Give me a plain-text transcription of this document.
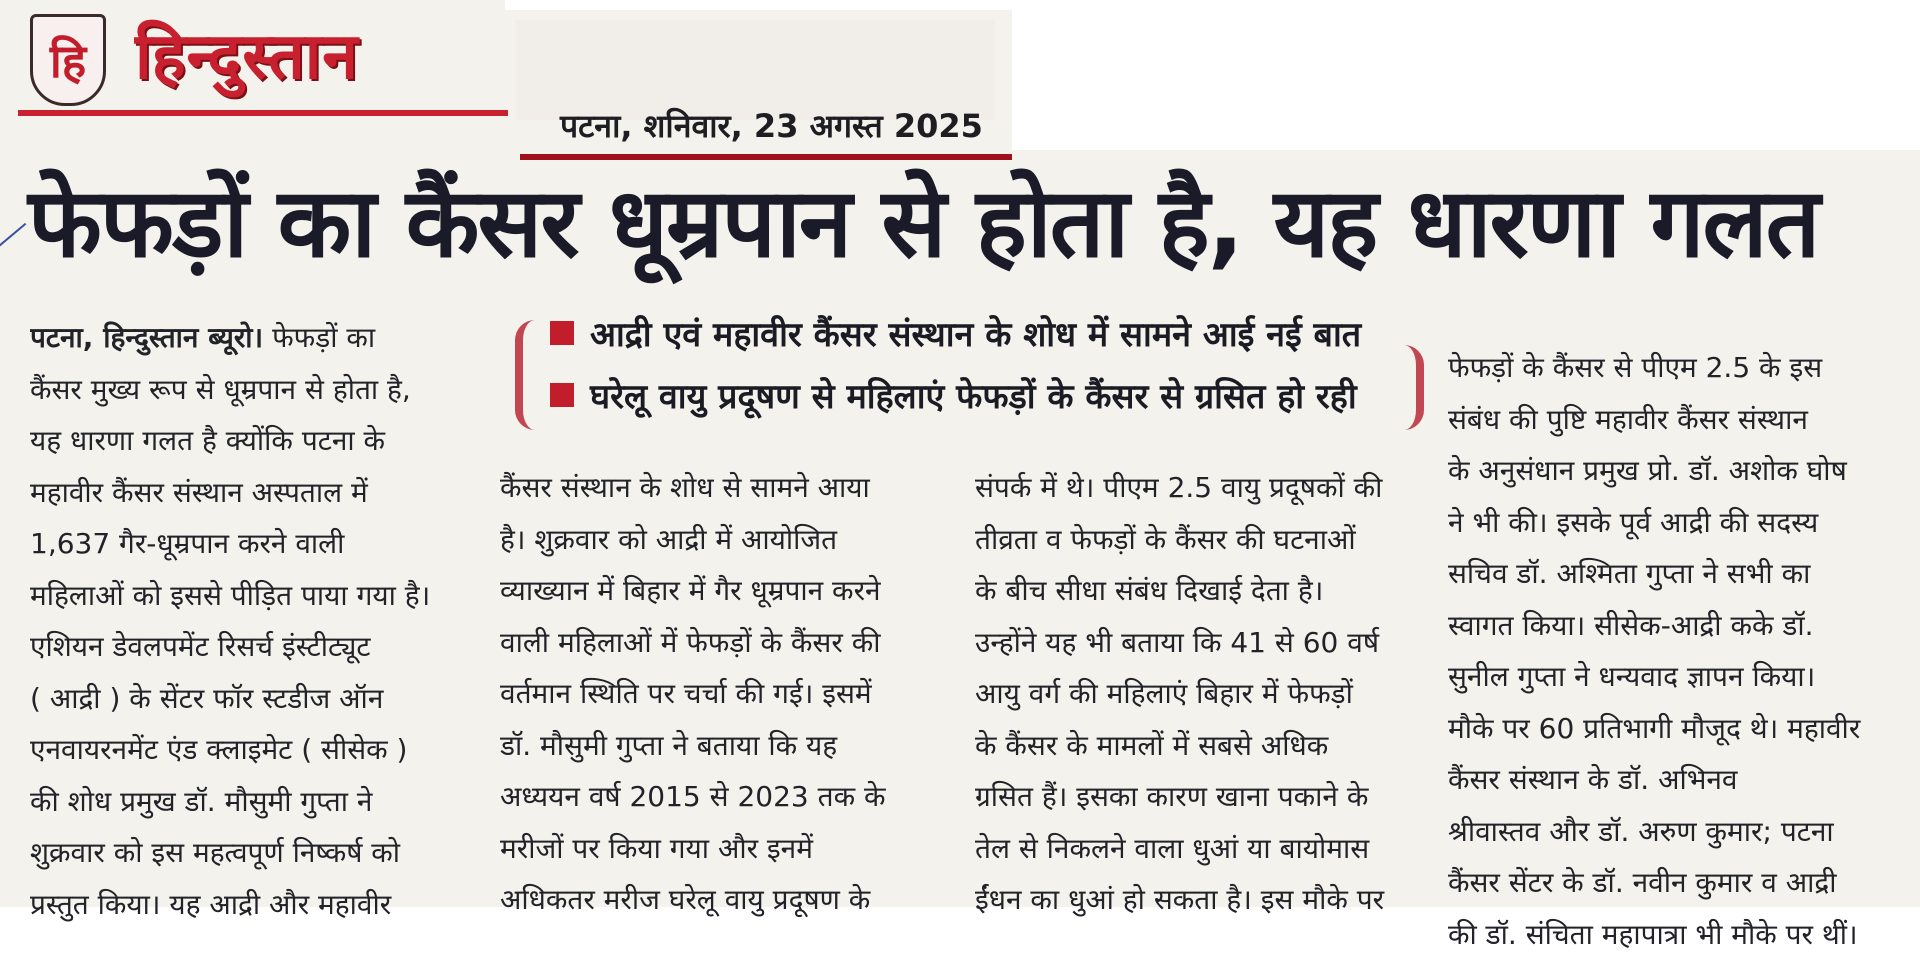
हि हिन्दुस्तान
पटना, शनिवार, 23 अगस्त 2025
फेफड़ों का कैंसर धूम्रपान से होता है, यह धारणा गलत
आद्री एवं महावीर कैंसर संस्थान के शोध में सामने आई नई बात
घरेलू वायु प्रदूषण से महिलाएं फेफड़ों के कैंसर से ग्रसित हो रही

पटना, हिन्दुस्तान ब्यूरो। फेफड़ों का

कैंसर मुख्य रूप से धूम्रपान से होता है,

यह धारणा गलत है क्योंकि पटना के

महावीर कैंसर संस्थान अस्पताल में

1,637 गैर-धूम्रपान करने वाली

महिलाओं को इससे पीड़ित पाया गया है।

एशियन डेवलपमेंट रिसर्च इंस्टीट्यूट

( आद्री ) के सेंटर फॉर स्टडीज ऑन

एनवायरनमेंट एंड क्लाइमेट ( सीसेक )

की शोध प्रमुख डॉ. मौसुमी गुप्ता ने

शुक्रवार को इस महत्वपूर्ण निष्कर्ष को

प्रस्तुत किया। यह आद्री और महावीर

कैंसर संस्थान के शोध से सामने आया

है। शुक्रवार को आद्री में आयोजित

व्याख्यान में बिहार में गैर धूम्रपान करने

वाली महिलाओं में फेफड़ों के कैंसर की

वर्तमान स्थिति पर चर्चा की गई। इसमें

डॉ. मौसुमी गुप्ता ने बताया कि यह

अध्ययन वर्ष 2015 से 2023 तक के

मरीजों पर किया गया और इनमें

अधिकतर मरीज घरेलू वायु प्रदूषण के

संपर्क में थे। पीएम 2.5 वायु प्रदूषकों की

तीव्रता व फेफड़ों के कैंसर की घटनाओं

के बीच सीधा संबंध दिखाई देता है।

उन्होंने यह भी बताया कि 41 से 60 वर्ष

आयु वर्ग की महिलाएं बिहार में फेफड़ों

के कैंसर के मामलों में सबसे अधिक

ग्रसित हैं। इसका कारण खाना पकाने के

तेल से निकलने वाला धुआं या बायोमास

ईंधन का धुआं हो सकता है। इस मौके पर

फेफड़ों के कैंसर से पीएम 2.5 के इस

संबंध की पुष्टि महावीर कैंसर संस्थान

के अनुसंधान प्रमुख प्रो. डॉ. अशोक घोष

ने भी की। इसके पूर्व आद्री की सदस्य

सचिव डॉ. अश्मिता गुप्ता ने सभी का

स्वागत किया। सीसेक-आद्री कके डॉ.

सुनील गुप्ता ने धन्यवाद ज्ञापन किया।

मौके पर 60 प्रतिभागी मौजूद थे। महावीर

कैंसर संस्थान के डॉ. अभिनव

श्रीवास्तव और डॉ. अरुण कुमार; पटना

कैंसर सेंटर के डॉ. नवीन कुमार व आद्री

की डॉ. संचिता महापात्रा भी मौके पर थीं।
